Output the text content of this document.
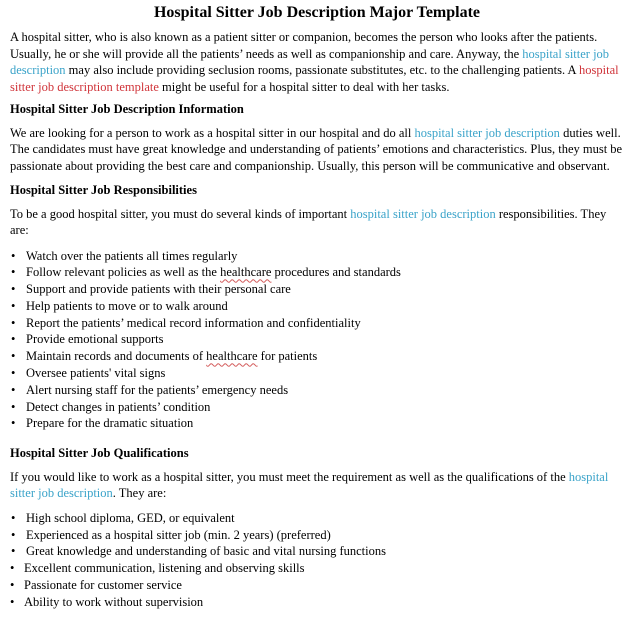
Hospital Sitter Job Description Major Template

A hospital sitter, who is also known as a patient sitter or companion, becomes the person who looks after the patients. Usually, he or she will provide all the patients’ needs as well as companionship and care. Anyway, the hospital sitter job description may also include providing seclusion rooms, passionate substitutes, etc. to the challenging patients. A hospital sitter job description template might be useful for a hospital sitter to deal with her tasks.

Hospital Sitter Job Description Information

We are looking for a person to work as a hospital sitter in our hospital and do all hospital sitter job description duties well. The candidates must have great knowledge and understanding of patients’ emotions and characteristics. Plus, they must be passionate about providing the best care and companionship. Usually, this person will be communicative and observant.

Hospital Sitter Job Responsibilities

To be a good hospital sitter, you must do several kinds of important hospital sitter job description responsibilities. They are:

• Watch over the patients all times regularly
• Follow relevant policies as well as the healthcare procedures and standards
• Support and provide patients with their personal care
• Help patients to move or to walk around
• Report the patients’ medical record information and confidentiality
• Provide emotional supports
• Maintain records and documents of healthcare for patients
• Oversee patients' vital signs
• Alert nursing staff for the patients’ emergency needs
• Detect changes in patients’ condition
• Prepare for the dramatic situation
Hospital Sitter Job Qualifications

If you would like to work as a hospital sitter, you must meet the requirement as well as the qualifications of the hospital sitter job description. They are:

• High school diploma, GED, or equivalent
• Experienced as a hospital sitter job (min. 2 years) (preferred)
• Great knowledge and understanding of basic and vital nursing functions
• Excellent communication, listening and observing skills
• Passionate for customer service
• Ability to work without supervision
